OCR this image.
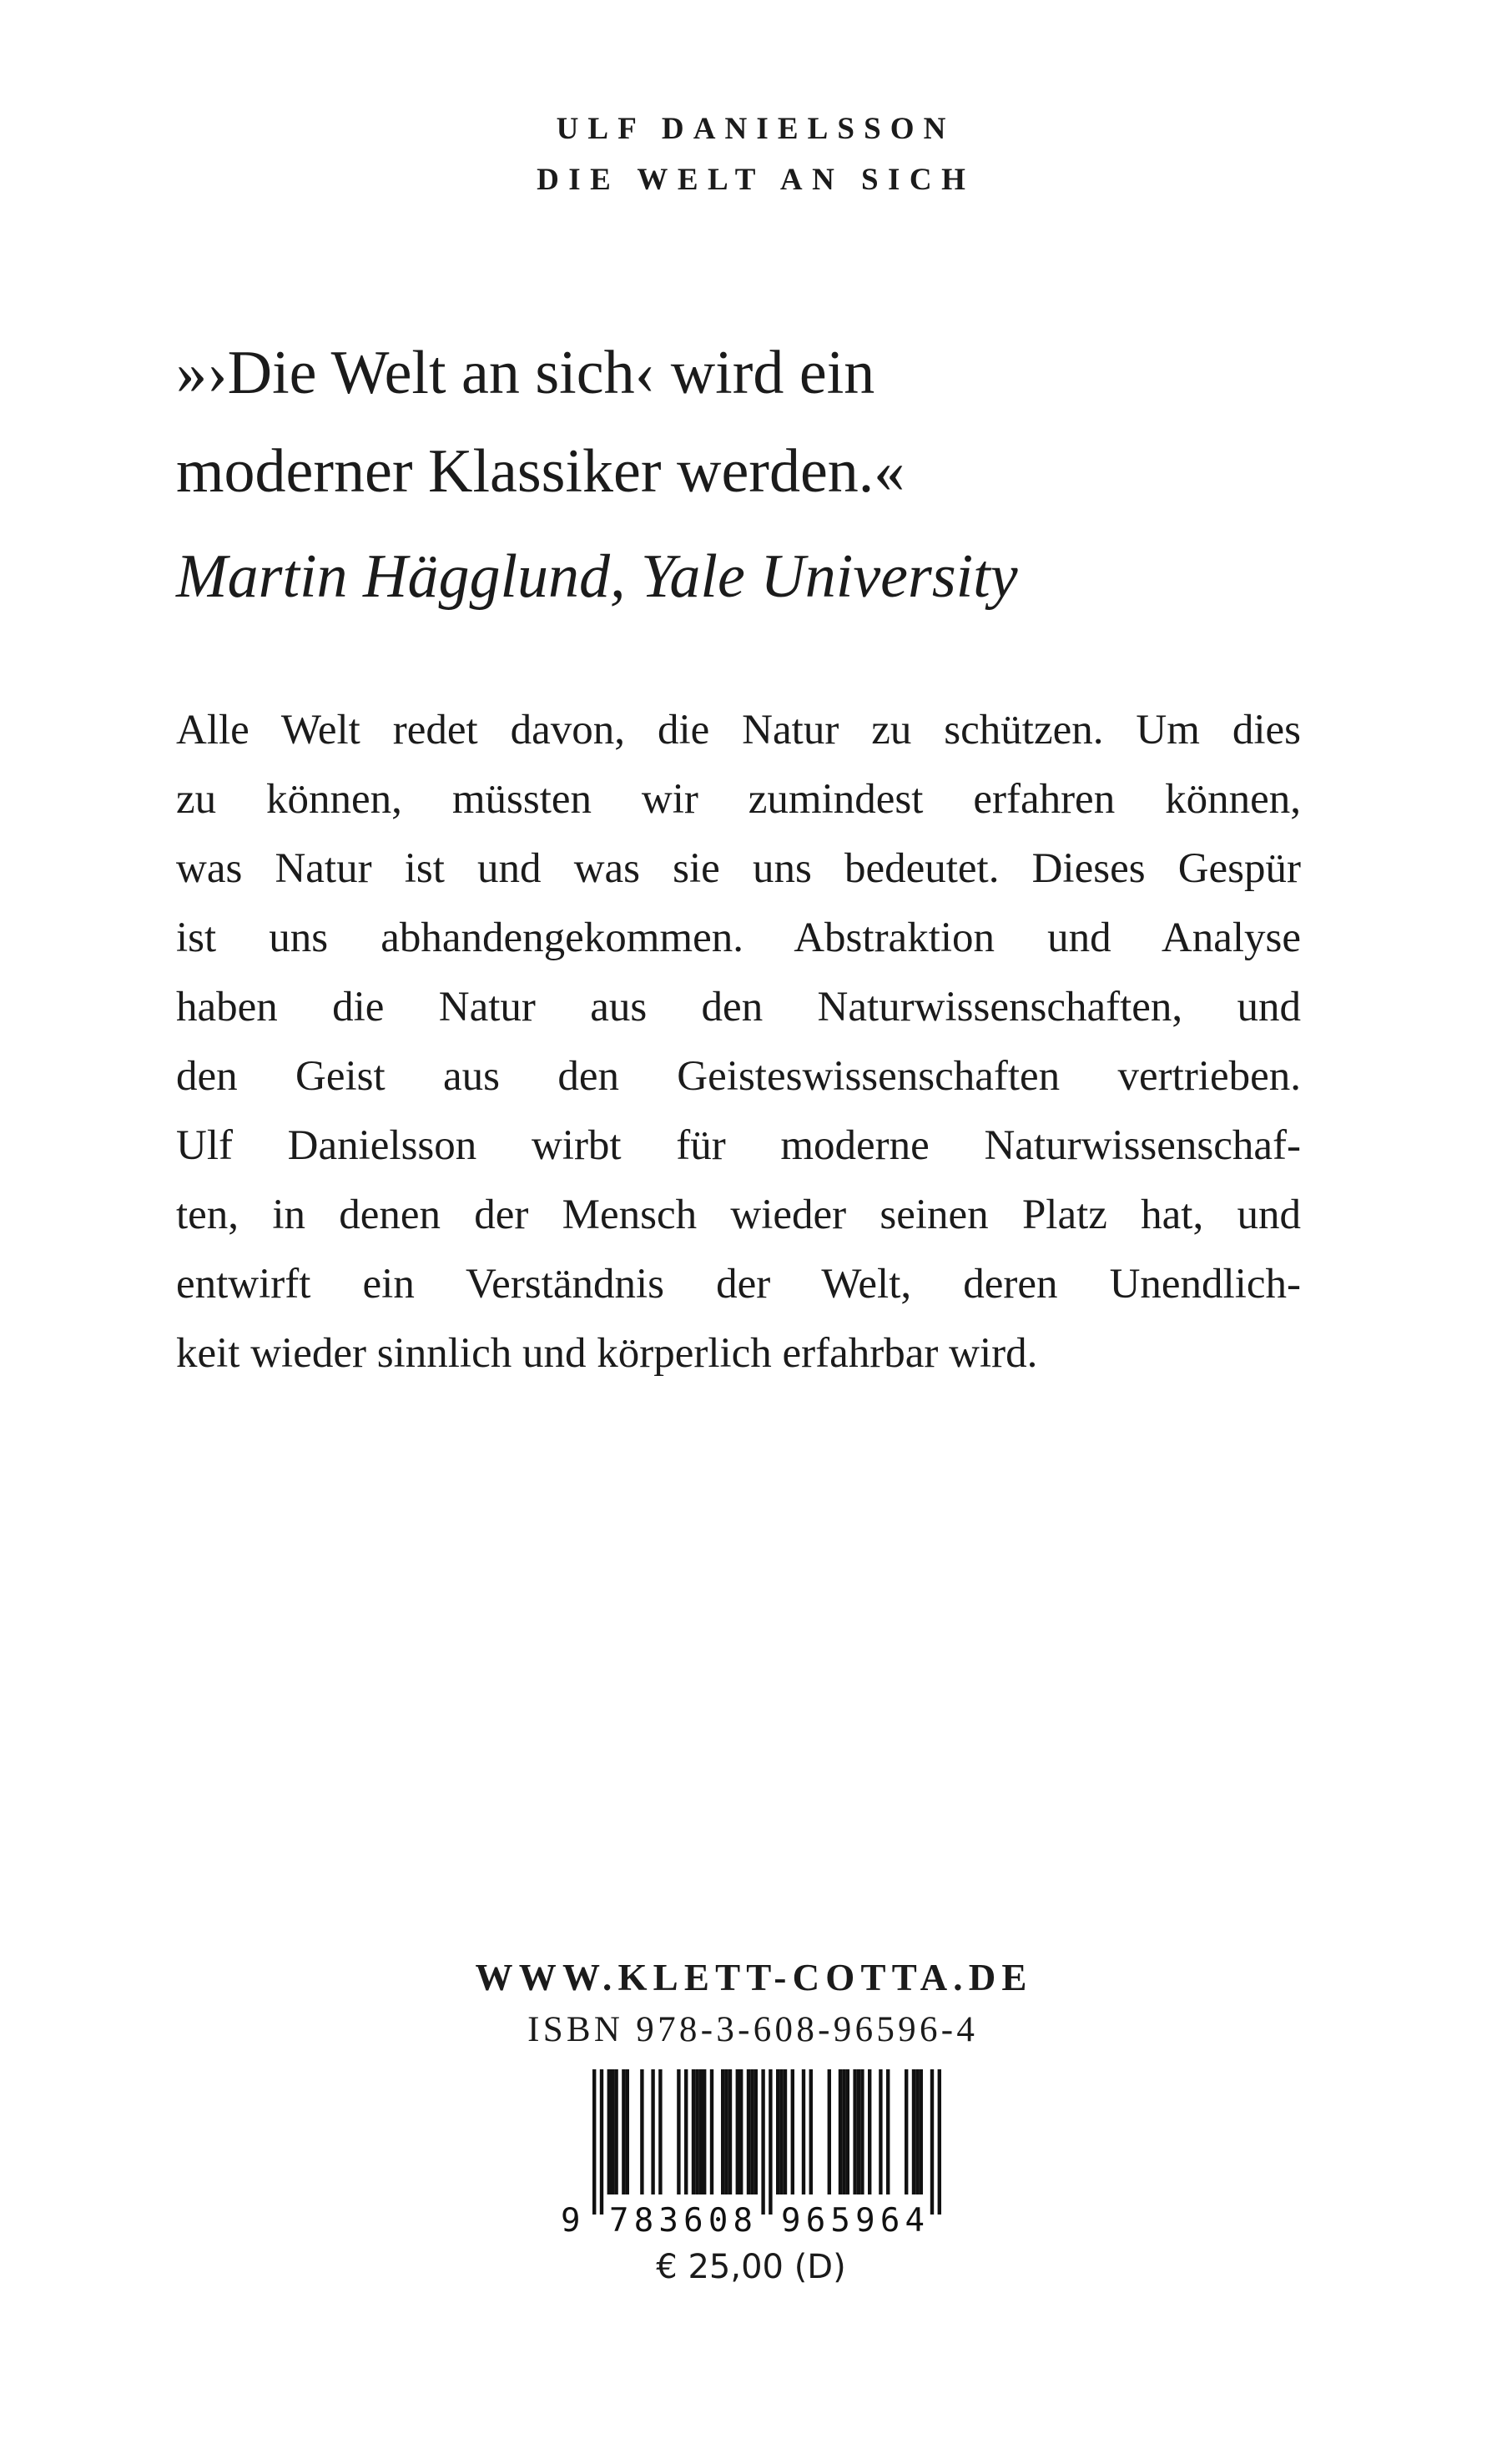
ULF DANIELSSON
DIE WELT AN SICH
»›Die Welt an sich‹ wird ein
moderner Klassiker werden.«
Martin Hägglund, Yale University
Alle Welt redet davon, die Natur zu schützen. Um dies
zu können, müssten wir zumindest erfahren können,
was Natur ist und was sie uns bedeutet. Dieses Gespür
ist uns abhandengekommen. Abstraktion und Analyse
haben die Natur aus den Naturwissenschaften, und
den Geist aus den Geisteswissenschaften vertrieben.
Ulf Danielsson wirbt für moderne Naturwissenschaf-
ten, in denen der Mensch wieder seinen Platz hat, und
entwirft ein Verständnis der Welt, deren Unendlich-
keit wieder sinnlich und körperlich erfahrbar wird.
WWW.KLETT-COTTA.DE
ISBN 978-3-608-96596-4
9 783608 965964
€ 25,00 (D)
